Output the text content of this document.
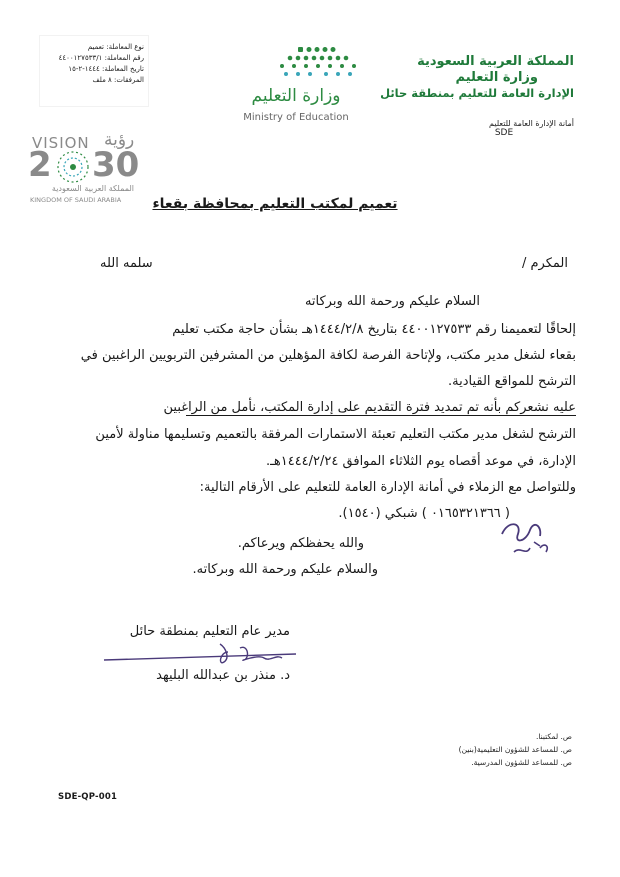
نوع المعاملة: تعميم
رقم المعاملة: ٤٤٠٠١٢٧٥٣٣/١
تاريخ المعاملة: ١٤٤٤-٢-١٥
المرفقات: ٨ ملف
المملكة العربية السعودية
وزارة التعليم
الإدارة العامة للتعليم بمنطقة حائل
أمانة الإدارة العامة للتعليم
SDE
وزارة التعليم
Ministry of Education
VISION رؤية
2 30
المملكة العربية السعودية
KINGDOM OF SAUDI ARABIA تعميم لمكتب التعليم بمحافظة بقعاء
المكرم /
سلمه الله
السلام عليكم ورحمة الله وبركاته
إلحاقًا لتعميمنا رقم ٤٤٠٠١٢٧٥٣٣ بتاريخ ١٤٤٤/٢/٨هـ بشأن حاجة مكتب تعليم
بقعاء لشغل مدير مكتب، ولإتاحة الفرصة لكافة المؤهلين من المشرفين التربويين الراغبين في
الترشح للمواقع القيادية.
عليه نشعركم بأنه تم تمديد فترة التقديم على إدارة المكتب، نأمل من الراغبين
الترشح لشغل مدير مكتب التعليم تعبئة الاستمارات المرفقة بالتعميم وتسليمها مناولة لأمين
الإدارة، في موعد أقصاه يوم الثلاثاء الموافق ١٤٤٤/٢/٢٤هـ.
وللتواصل مع الزملاء في أمانة الإدارة العامة للتعليم على الأرقام التالية:
( ٠١٦٥٣٢١٣٦٦ ) شبكي (١٥٤٠).
والله يحفظكم ويرعاكم.
والسلام عليكم ورحمة الله وبركاته.
مدير عام التعليم بمنطقة حائل
د. منذر بن عبدالله البليهد
ص. لمكتبنا.
ص. للمساعد للشؤون التعليمية(بنين)
ص. للمساعد للشؤون المدرسية.
SDE-QP-001
